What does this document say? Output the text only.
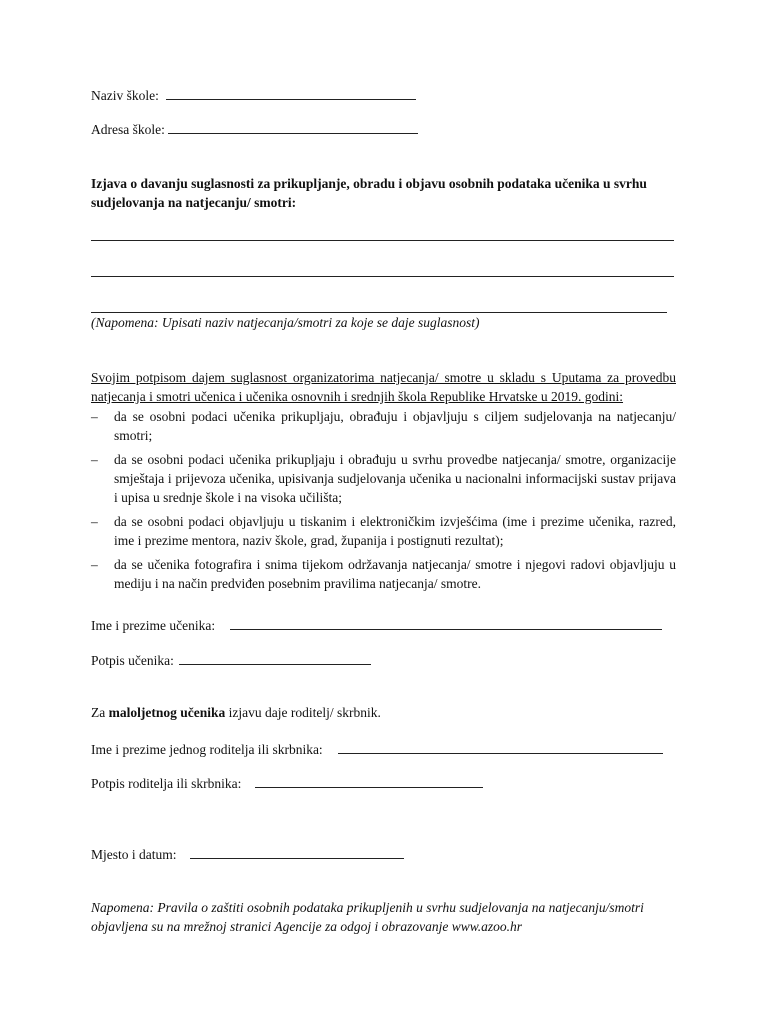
Naziv škole:
Adresa škole:
Izjava o davanju suglasnosti za prikupljanje, obradu i objavu osobnih podataka učenika u svrhu sudjelovanja na natjecanju/ smotri:
(Napomena: Upisati naziv natjecanja/smotri za koje se daje suglasnost)
Svojim potpisom dajem suglasnost organizatorima natjecanja/ smotre u skladu s Uputama za provedbu natjecanja i smotri učenica i učenika osnovnih i srednjih škola Republike Hrvatske u 2019. godini:
– da se osobni podaci učenika prikupljaju, obrađuju i objavljuju s ciljem sudjelovanja na natjecanju/ smotri;
– da se osobni podaci učenika prikupljaju i obrađuju u svrhu provedbe natjecanja/ smotre, organizacije smještaja i prijevoza učenika, upisivanja sudjelovanja učenika u nacionalni informacijski sustav prijava i upisa u srednje škole i na visoka učilišta;
– da se osobni podaci objavljuju u tiskanim i elektroničkim izvješćima (ime i prezime učenika, razred, ime i prezime mentora, naziv škole, grad, županija i postignuti rezultat);
– da se učenika fotografira i snima tijekom održavanja natjecanja/ smotre i njegovi radovi objavljuju u mediju i na način predviđen posebnim pravilima natjecanja/ smotre.
Ime i prezime učenika:
Potpis učenika:
Za maloljetnog učenika izjavu daje roditelj/ skrbnik.
Ime i prezime jednog roditelja ili skrbnika:
Potpis roditelja ili skrbnika:
Mjesto i datum:
Napomena: Pravila o zaštiti osobnih podataka prikupljenih u svrhu sudjelovanja na natjecanju/smotri objavljena su na mrežnoj stranici Agencije za odgoj i obrazovanje www.azoo.hr
